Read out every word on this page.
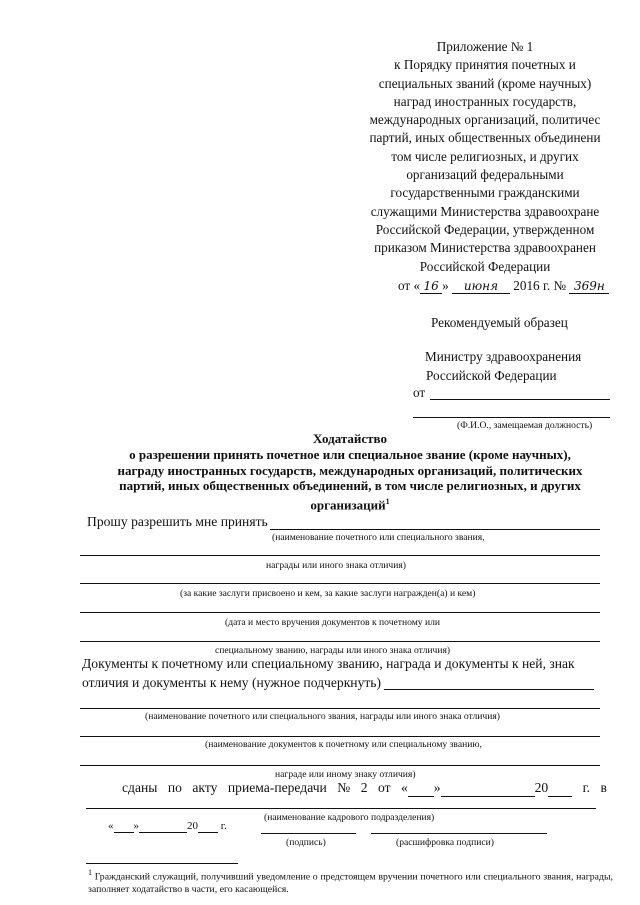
Приложение № 1
к Порядку принятия почетных и
специальных званий (кроме научных)
наград иностранных государств,
международных организаций, политичес
партий, иных общественных объединени
том числе религиозных, и других
организаций федеральными
государственными гражданскими
служащими Министерства здравоохране
Российской Федерации, утвержденном
приказом Министерства здравоохранен
Российской Федерации
от « 16 » июня 2016 г. № 369н
Рекомендуемый образец
Министру здравоохранения
Российской Федерации
от
(Ф.И.О., замещаемая должность)
Ходатайство
о разрешении принять почетное или специальное звание (кроме научных),
награду иностранных государств, международных организаций, политических
партий, иных общественных объединений, в том числе религиозных, и других
организаций$^1$
Прошу разрешить мне принять
(наименование почетного или специального звания,
награды или иного знака отличия)
(за какие заслуги присвоено и кем, за какие заслуги награжден(а) и кем)
(дата и место вручения документов к почетному или
специальному званию, награды или иного знака отличия)
Документы к почетному или специальному званию, награда и документы к ней, знак
отличия и документы к нему (нужное подчеркнуть)
(наименование почетного или специального звания, награды или иного знака отличия)
(наименование документов к почетному или специальному званию,
награде или иному знаку отличия)
сданы по акту приема-передачи № 2 от « »	20	г. в
(наименование кадрового подразделения)
« »	20 г.
(подпись)	(расшифровка подписи)
$^1$ Гражданский служащий, получивший уведомление о предстоящем вручении почетного или специального звания, награды, заполняет ходатайство в части, его касающейся.
